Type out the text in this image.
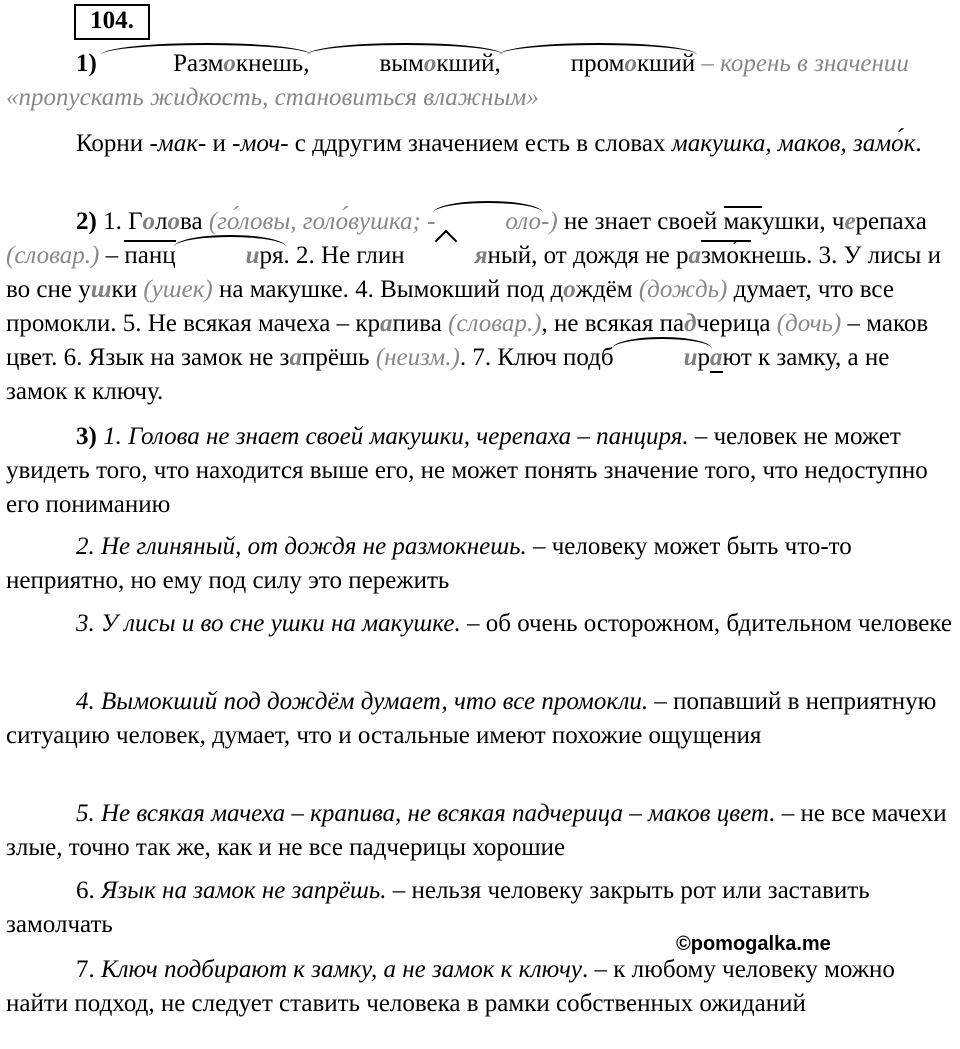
104.

1)	Размокнешь,	вымокший,	промокший – корень в значении «пропускать жидкость, становиться влажным»

Корни -мак- и -моч- с ддругим значением есть в словах макушка, маков, замо́к.

2) 1. Голова (го́ловы, голо́вушка; -	оло-) не знает своей макушки, черепаха (словар.) – панц	иря. 2. Не глин	яный, от дождя не размо́кнешь. 3. У лисы и во сне ушки (ушек) на макушке. 4. Вымокший под дождём (дождь) думает, что все промокли. 5. Не всякая мачеха – крапива (словар.), не всякая падчерица (дочь) – маков цвет. 6. Язык на замок не запрёшь (неизм.). 7. Ключ подб	ирают к замку, а не замок к ключу.

3) 1. Голова не знает своей макушки, черепаха – панциря. – человек не может увидеть того, что находится выше его, не может понять значение того, что недоступно его пониманию

2. Не глиняный, от дождя не размокнешь. – человеку может быть что-то неприятно, но ему под силу это пережить

3. У лисы и во сне ушки на макушке. – об очень осторожном, бдительном человеке

4. Вымокший под дождём думает, что все промокли. – попавший в неприятную ситуацию человек, думает, что и остальные имеют похожие ощущения

5. Не всякая мачеха – крапива, не всякая падчерица – маков цвет. – не все мачехи злые, точно так же, как и не все падчерицы хорошие

6. Язык на замок не запрёшь. – нельзя человеку закрыть рот или заставить замолчать

©pomogalka.me

7. Ключ подбирают к замку, а не замок к ключу. – к любому человеку можно найти подход, не следует ставить человека в рамки собственных ожиданий
